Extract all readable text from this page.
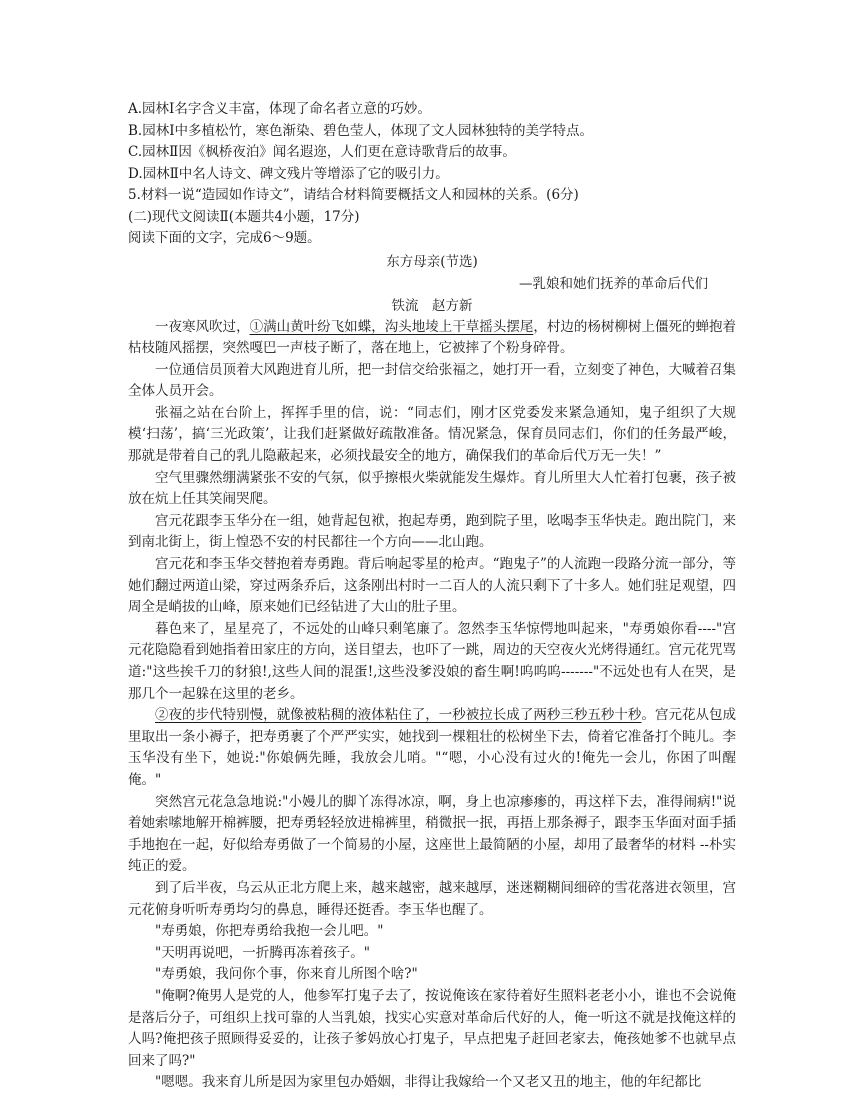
A.园林Ⅰ名字含义丰富，体现了命名者立意的巧妙。
B.园林Ⅰ中多植松竹，寒色渐染、碧色莹人，体现了文人园林独特的美学特点。
C.园林Ⅱ因《枫桥夜泊》闻名遐迩，人们更在意诗歌背后的故事。
D.园林Ⅱ中名人诗文、碑文残片等增添了它的吸引力。
5.材料一说“造园如作诗文”，请结合材料简要概括文人和园林的关系。(6分)
(二)现代文阅读Ⅱ(本题共4小题，17分)
阅读下面的文字，完成6～9题。
东方母亲(节选)
—乳娘和她们抚养的革命后代们
铁流　赵方新

一夜寒风吹过，①满山黄叶纷飞如蝶，沟头地堎上干草摇头摆尾，村边的杨树柳树上僵死的蝉抱着枯枝随风摇摆，突然嘎巴一声枝子断了，落在地上，它被摔了个粉身碎骨。

一位通信员顶着大风跑进育儿所，把一封信交给张福之，她打开一看，立刻变了神色，大喊着召集全体人员开会。

张福之站在台阶上，挥挥手里的信，说：“同志们，刚才区党委发来紧急通知，鬼子组织了大规模‘扫荡’，搞‘三光政策’，让我们赶紧做好疏散准备。情况紧急，保育员同志们，你们的任务最严峻，那就是带着自己的乳儿隐蔽起来，必须找最安全的地方，确保我们的革命后代万无一失！”

空气里骤然绷满紧张不安的气氛，似乎擦根火柴就能发生爆炸。育儿所里大人忙着打包裹，孩子被放在炕上任其笑闹哭爬。

宫元花跟李玉华分在一组，她背起包袱，抱起寿勇，跑到院子里，吆喝李玉华快走。跑出院门，来到南北街上，街上惶恐不安的村民都往一个方向——北山跑。

宫元花和李玉华交替抱着寿勇跑。背后响起零星的枪声。“跑鬼子”的人流跑一段路分流一部分，等她们翻过两道山梁，穿过两条乔后，这条刚出村时一二百人的人流只剩下了十多人。她们驻足观望，四周全是峭拔的山峰，原来她们已经钻进了大山的肚子里。

暮色来了，星星亮了，不远处的山峰只剩笔廉了。忽然李玉华惊愕地叫起来，"寿勇娘你看----"宫元花隐隐看到她指着田家庄的方向，送目望去，也吓了一跳，周边的天空夜火光烤得通红。宫元花咒骂道:"这些挨千刀的豺狼!,这些人间的混蛋!,这些没爹没娘的畜生啊!呜呜呜-------"不远处也有人在哭，是那几个一起躲在这里的老乡。

②夜的步代特别慢，就像被粘稠的液体粘住了，一秒被拉长成了两秒三秒五秒十秒。宫元花从包成里取出一条小褥子，把寿勇裹了个严严实实，她找到一棵粗壮的松树坐下去，倚着它准备打个盹儿。李玉华没有坐下，她说:"你娘俩先睡，我放会儿哨。"“嗯，小心没有过火的!俺先一会儿，你困了叫醒俺。"

突然宫元花急急地说:"小嫚儿的脚丫冻得冰凉，啊，身上也凉瘆瘆的，再这样下去，准得闹病!"说着她索嗦地解开棉裤腰，把寿勇轻轻放进棉裤里，稍微抿一抿，再捂上那条褥子，跟李玉华面对面手插手地抱在一起，好似给寿勇做了一个简易的小屋，这座世上最简陋的小屋，却用了最奢华的材料 --朴实纯正的爱。

到了后半夜，乌云从正北方爬上来，越来越密，越来越厚，迷迷糊糊间细碎的雪花落进衣领里，宫元花俯身听听寿勇均匀的鼻息，睡得还挺香。李玉华也醒了。

"寿勇娘，你把寿勇给我抱一会儿吧。"

"天明再说吧，一折腾再冻着孩子。"

"寿勇娘，我问你个事，你来育儿所图个啥?"

"俺啊?俺男人是党的人，他参军打鬼子去了，按说俺该在家待着好生照料老老小小，谁也不会说俺是落后分子，可组织上找可靠的人当乳娘，找实心实意对革命后代好的人，俺一听这不就是找俺这样的人吗?俺把孩子照顾得妥妥的，让孩子爹妈放心打鬼子，早点把鬼子赶回老家去，俺孩她爹不也就早点回来了吗?"

"嗯嗯。我来育儿所是因为家里包办婚姻，非得让我嫁给一个又老又丑的地主，他的年纪都比
